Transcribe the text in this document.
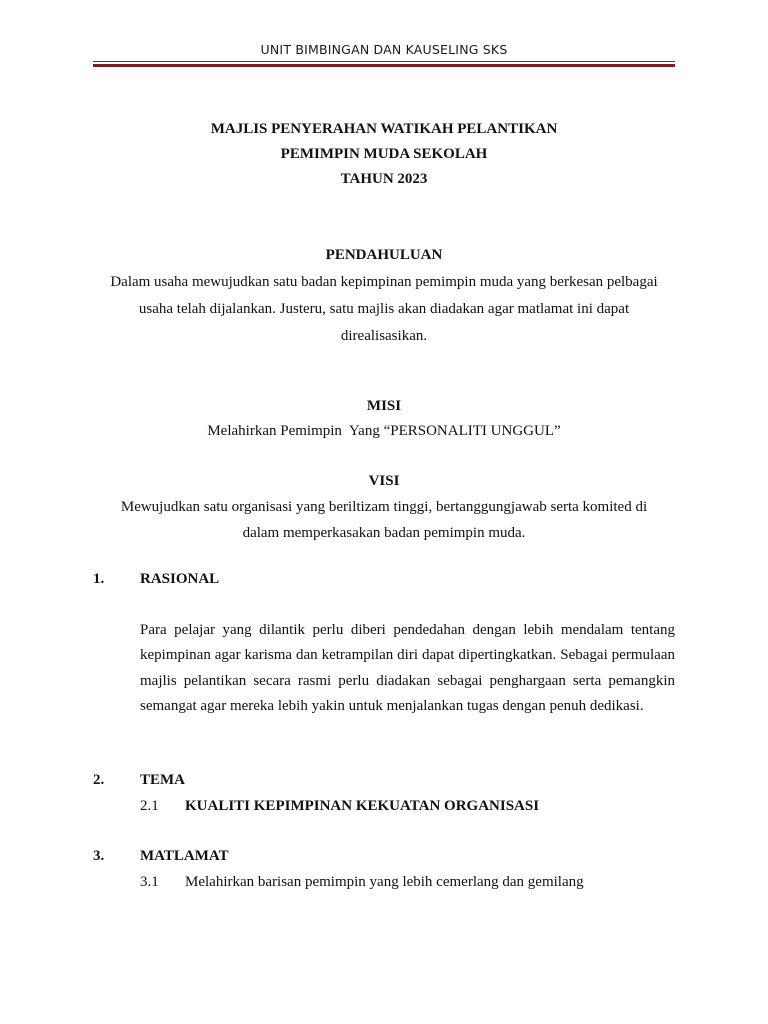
UNIT BIMBINGAN DAN KAUSELING SKS
MAJLIS PENYERAHAN WATIKAH PELANTIKAN
PEMIMPIN MUDA SEKOLAH
TAHUN 2023
PENDAHULUAN
Dalam usaha mewujudkan satu badan kepimpinan pemimpin muda yang berkesan pelbagai
usaha telah dijalankan. Justeru, satu majlis akan diadakan agar matlamat ini dapat
direalisasikan.
MISI
Melahirkan Pemimpin  Yang “PERSONALITI UNGGUL”
VISI
Mewujudkan satu organisasi yang beriltizam tinggi, bertanggungjawab serta komited di
dalam memperkasakan badan pemimpin muda.
1. RASIONAL
Para pelajar yang dilantik perlu diberi pendedahan dengan lebih mendalam tentang kepimpinan agar karisma dan ketrampilan diri dapat dipertingkatkan. Sebagai permulaan majlis pelantikan secara rasmi perlu diadakan sebagai penghargaan serta pemangkin semangat agar mereka lebih yakin untuk menjalankan tugas dengan penuh dedikasi.
2. TEMA
2.1 KUALITI KEPIMPINAN KEKUATAN ORGANISASI
3. MATLAMAT
3.1 Melahirkan barisan pemimpin yang lebih cemerlang dan gemilang
